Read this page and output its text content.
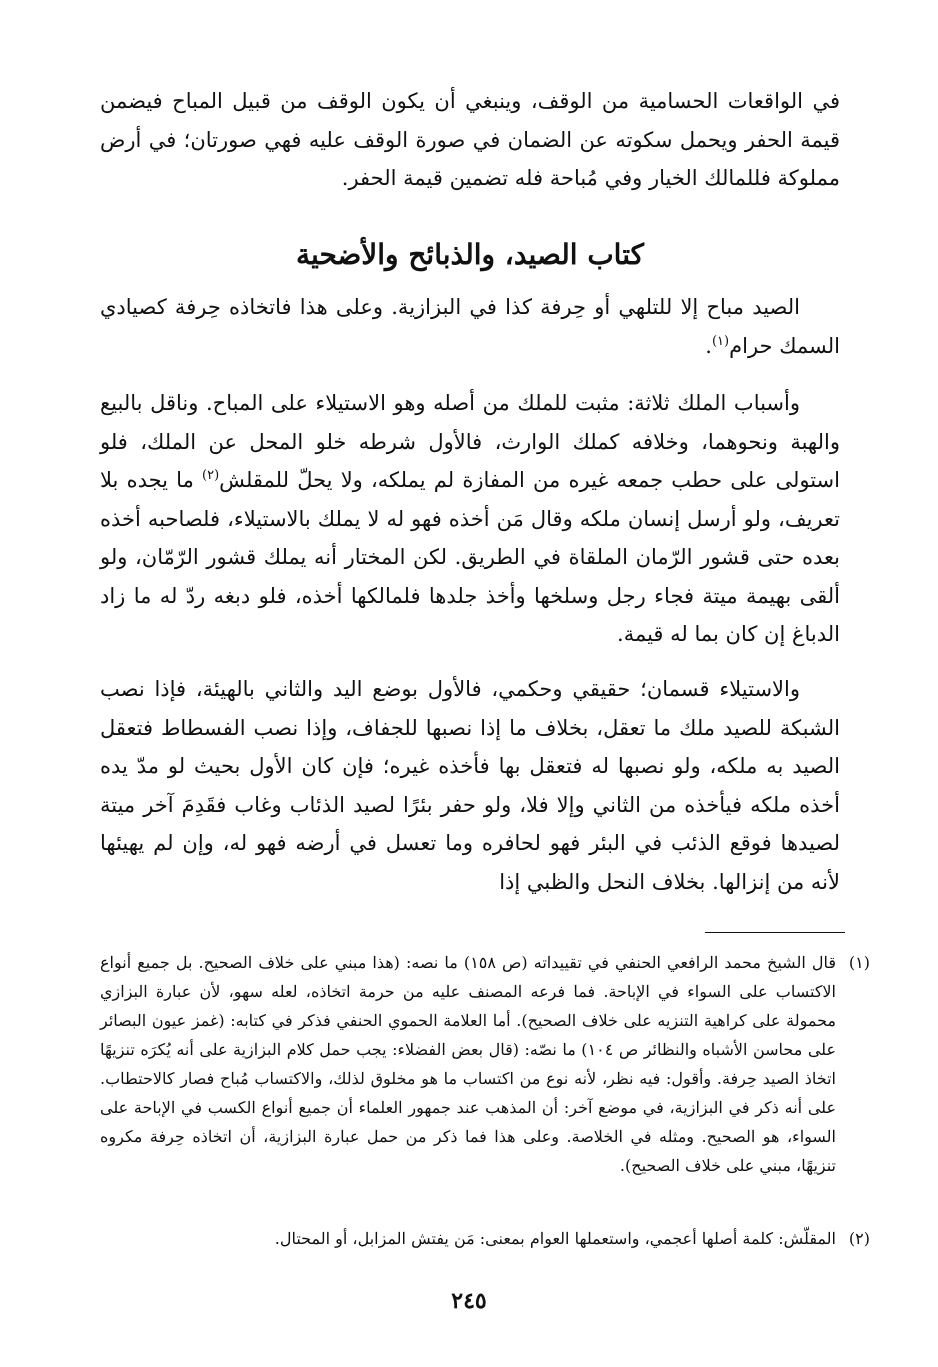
في الواقعات الحسامية من الوقف، وينبغي أن يكون الوقف من قبيل المباح فيضمن قيمة الحفر ويحمل سكوته عن الضمان في صورة الوقف عليه فهي صورتان؛ في أرض مملوكة فللمالك الخيار وفي مُباحة فله تضمين قيمة الحفر.

كتاب الصيد، والذبائح والأضحية

الصيد مباح إلا للتلهي أو حِرفة كذا في البزازية. وعلى هذا فاتخاذه حِرفة كصيادي السمك حرام$^{(١)}$.

وأسباب الملك ثلاثة: مثبت للملك من أصله وهو الاستيلاء على المباح. وناقل بالبيع والهبة ونحوهما، وخلافه كملك الوارث، فالأول شرطه خلو المحل عن الملك، فلو استولى على حطب جمعه غيره من المفازة لم يملكه، ولا يحلّ للمقلش$^{(٢)}$ ما يجده بلا تعريف، ولو أرسل إنسان ملكه وقال مَن أخذه فهو له لا يملك بالاستيلاء، فلصاحبه أخذه بعده حتى قشور الرّمان الملقاة في الطريق. لكن المختار أنه يملك قشور الرّمّان، ولو ألقى بهيمة ميتة فجاء رجل وسلخها وأخذ جلدها فلمالكها أخذه، فلو دبغه ردّ له ما زاد الدباغ إن كان بما له قيمة.

والاستيلاء قسمان؛ حقيقي وحكمي، فالأول بوضع اليد والثاني بالهيئة، فإذا نصب الشبكة للصيد ملك ما تعقل، بخلاف ما إذا نصبها للجفاف، وإذا نصب الفسطاط فتعقل الصيد به ملكه، ولو نصبها له فتعقل بها فأخذه غيره؛ فإن كان الأول بحيث لو مدّ يده أخذه ملكه فيأخذه من الثاني وإلا فلا، ولو حفر بئرًا لصيد الذئاب وغاب فقَدِمَ آخر ميتة لصيدها فوقع الذئب في البئر فهو لحافره وما تعسل في أرضه فهو له، وإن لم يهيئها لأنه من إنزالها. بخلاف النحل والظبي إذا

(١)
قال الشيخ محمد الرافعي الحنفي في تقييداته (ص ١٥٨) ما نصه: (هذا مبني على خلاف الصحيح. بل جميع أنواع الاكتساب على السواء في الإباحة. فما فرعه المصنف عليه من حرمة اتخاذه، لعله سهو، لأن عبارة البزازي محمولة على كراهية التنزيه على خلاف الصحيح). أما العلامة الحموي الحنفي فذكر في كتابه: (غمز عيون البصائر على محاسن الأشباه والنظائر ص ١٠٤) ما نصّه: (قال بعض الفضلاء: يجب حمل كلام البزازية على أنه يُكرَه تنزيهًا اتخاذ الصيد حِرفة. وأقول: فيه نظر، لأنه نوع من اكتساب ما هو مخلوق لذلك، والاكتساب مُباح فصار كالاحتطاب. على أنه ذكر في البزازية، في موضع آخر: أن المذهب عند جمهور العلماء أن جميع أنواع الكسب في الإباحة على السواء، هو الصحيح. ومثله في الخلاصة. وعلى هذا فما ذكر من حمل عبارة البزازية، أن اتخاذه حِرفة مكروه تنزيهًا، مبني على خلاف الصحيح).
(٢)
المقلّش: كلمة أصلها أعجمي، واستعملها العوام بمعنى: مَن يفتش المزابل، أو المحتال.
٢٤٥
